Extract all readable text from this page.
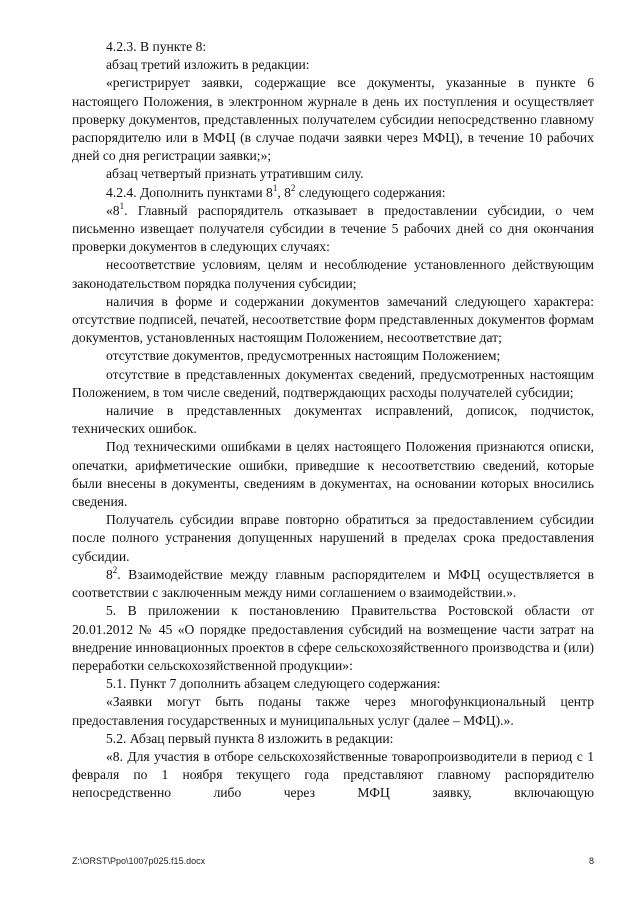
4.2.3. В пункте 8:

абзац третий изложить в редакции:

«регистрирует заявки, содержащие все документы, указанные в пункте 6 настоящего Положения, в электронном журнале в день их поступления и осуществляет проверку документов, представленных получателем субсидии непосредственно главному распорядителю или в МФЦ (в случае подачи заявки через МФЦ), в течение 10 рабочих дней со дня регистрации заявки;»;

абзац четвертый признать утратившим силу.

4.2.4. Дополнить пунктами $8^1$, $8^2$ следующего содержания:

«$8^1$. Главный распорядитель отказывает в предоставлении субсидии, о чем письменно извещает получателя субсидии в течение 5 рабочих дней со дня окончания проверки документов в следующих случаях:

несоответствие условиям, целям и несоблюдение установленного действующим законодательством порядка получения субсидии;

наличия в форме и содержании документов замечаний следующего характера: отсутствие подписей, печатей, несоответствие форм представленных документов формам документов, установленных настоящим Положением, несоответствие дат;

отсутствие документов, предусмотренных настоящим Положением;

отсутствие в представленных документах сведений, предусмотренных настоящим Положением, в том числе сведений, подтверждающих расходы получателей субсидии;

наличие в представленных документах исправлений, дописок, подчисток, технических ошибок.

Под техническими ошибками в целях настоящего Положения признаются описки, опечатки, арифметические ошибки, приведшие к несоответствию сведений, которые были внесены в документы, сведениям в документах, на основании которых вносились сведения.

Получатель субсидии вправе повторно обратиться за предоставлением субсидии после полного устранения допущенных нарушений в пределах срока предоставления субсидии.

$8^2$. Взаимодействие между главным распорядителем и МФЦ осуществляется в соответствии с заключенным между ними соглашением о взаимодействии.».

5. В приложении к постановлению Правительства Ростовской области от 20.01.2012 № 45 «О порядке предоставления субсидий на возмещение части затрат на внедрение инновационных проектов в сфере сельскохозяйственного производства и (или) переработки сельскохозяйственной продукции»:

5.1. Пункт 7 дополнить абзацем следующего содержания:

«Заявки могут быть поданы также через многофункциональный центр предоставления государственных и муниципальных услуг (далее – МФЦ).».

5.2. Абзац первый пункта 8 изложить в редакции:

«8. Для участия в отборе сельскохозяйственные товаропроизводители в период с 1 февраля по 1 ноября текущего года представляют главному распорядителю непосредственно либо через МФЦ заявку, включающую

Z:\ORST\Ppo\1007p025.f15.docx	8
